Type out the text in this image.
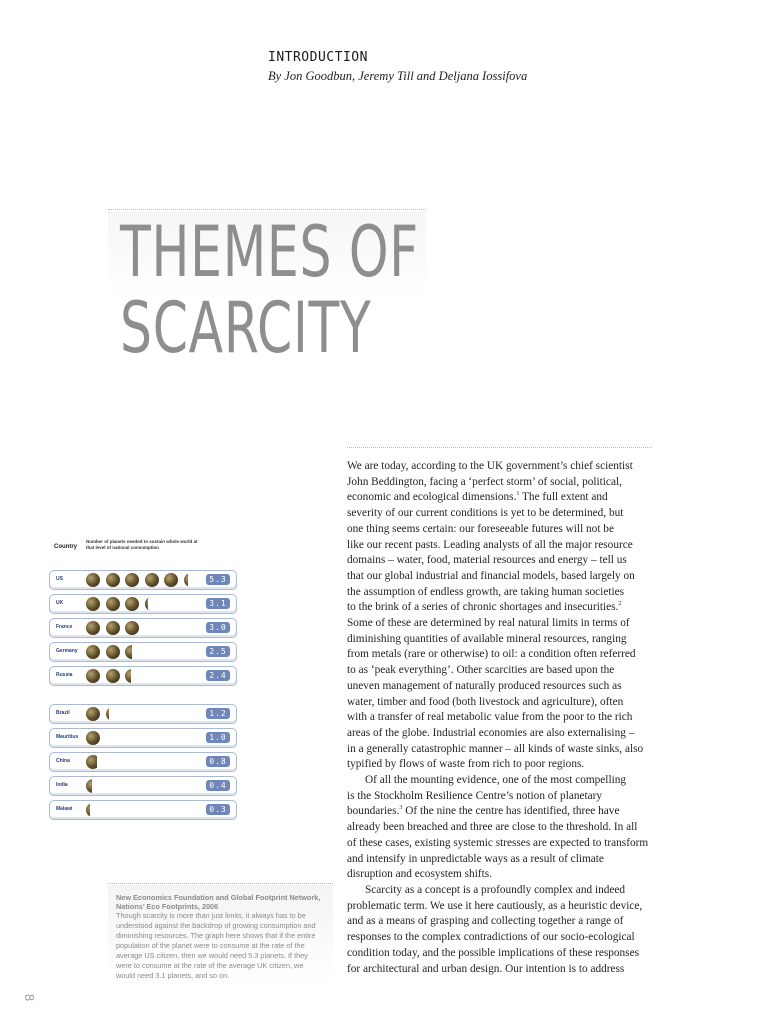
INTRODUCTION
By Jon Goodbun, Jeremy Till and Deljana Iossifova
THEMES OF
SCARCITY

We are today, according to the UK government’s chief scientist
John Beddington, facing a ‘perfect storm’ of social, political,
economic and ecological dimensions.$^1$ The full extent and
severity of our current conditions is yet to be determined, but
one thing seems certain: our foreseeable futures will not be
like our recent pasts. Leading analysts of all the major resource
domains – water, food, material resources and energy – tell us
that our global industrial and financial models, based largely on
the assumption of endless growth, are taking human societies
to the brink of a series of chronic shortages and insecurities.$^2$
Some of these are determined by real natural limits in terms of
diminishing quantities of available mineral resources, ranging
from metals (rare or otherwise) to oil: a condition often referred
to as ‘peak everything’. Other scarcities are based upon the
uneven management of naturally produced resources such as
water, timber and food (both livestock and agriculture), often
with a transfer of real metabolic value from the poor to the rich
areas of the globe. Industrial economies are also externalising –
in a generally catastrophic manner – all kinds of waste sinks, also
typified by flows of waste from rich to poor regions.

Of all the mounting evidence, one of the most compelling
is the Stockholm Resilience Centre’s notion of planetary
boundaries.$^3$ Of the nine the centre has identified, three have
already been breached and three are close to the threshold. In all
of these cases, existing systemic stresses are expected to transform
and intensify in unpredictable ways as a result of climate
disruption and ecosystem shifts.

Scarcity as a concept is a profoundly complex and indeed
problematic term. We use it here cautiously, as a heuristic device,
and as a means of grasping and collecting together a range of
responses to the complex contradictions of our socio-ecological
condition today, and the possible implications of these responses
for architectural and urban design. Our intention is to address

Country
Number of planets needed to sustain whole world at that level of national consumption
US	5.3
UK	3.1
France	3.0
Germany	2.5
Russia	2.4
Brazil	1.2
Mauritius	1.0
China	0.8
India	0.4
Malawi	0.3
New Economics Foundation and Global Footprint Network,
Nations’ Eco Footprints, 2006
Though scarcity is more than just limits, it always has to be
understood against the backdrop of growing consumption and
diminishing resources. The graph here shows that if the entire
population of the planet were to consume at the rate of the
average US citizen, then we would need 5.3 planets. If they
were to consume at the rate of the average UK citizen, we
would need 3.1 planets, and so on.
8
